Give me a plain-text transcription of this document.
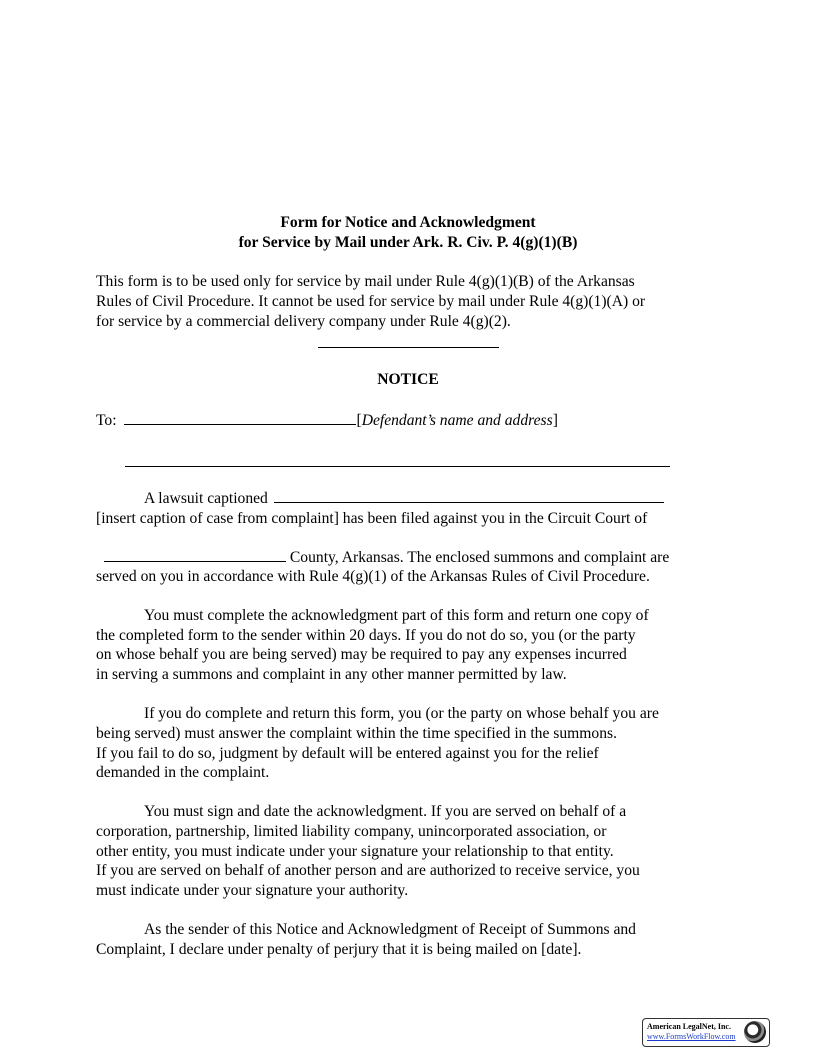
Form for Notice and Acknowledgment
for Service by Mail under Ark. R. Civ. P. 4(g)(1)(B)
This form is to be used only for service by mail under Rule 4(g)(1)(B) of the Arkansas
Rules of Civil Procedure. It cannot be used for service by mail under Rule 4(g)(1)(A) or
for service by a commercial delivery company under Rule 4(g)(2).
NOTICE
To:	[Defendant’s name and address]
A lawsuit captioned
[insert caption of case from complaint] has been filed against you in the Circuit Court of
County, Arkansas. The enclosed summons and complaint are
served on you in accordance with Rule 4(g)(1) of the Arkansas Rules of Civil Procedure.
You must complete the acknowledgment part of this form and return one copy of
the completed form to the sender within 20 days. If you do not do so, you (or the party
on whose behalf you are being served) may be required to pay any expenses incurred
in serving a summons and complaint in any other manner permitted by law.
If you do complete and return this form, you (or the party on whose behalf you are
being served) must answer the complaint within the time specified in the summons.
If you fail to do so, judgment by default will be entered against you for the relief
demanded in the complaint.
You must sign and date the acknowledgment. If you are served on behalf of a
corporation, partnership, limited liability company, unincorporated association, or
other entity, you must indicate under your signature your relationship to that entity.
If you are served on behalf of another person and are authorized to receive service, you
must indicate under your signature your authority.
As the sender of this Notice and Acknowledgment of Receipt of Summons and
Complaint, I declare under penalty of perjury that it is being mailed on [date].
American LegalNet, Inc.
www.FormsWorkFlow.com
